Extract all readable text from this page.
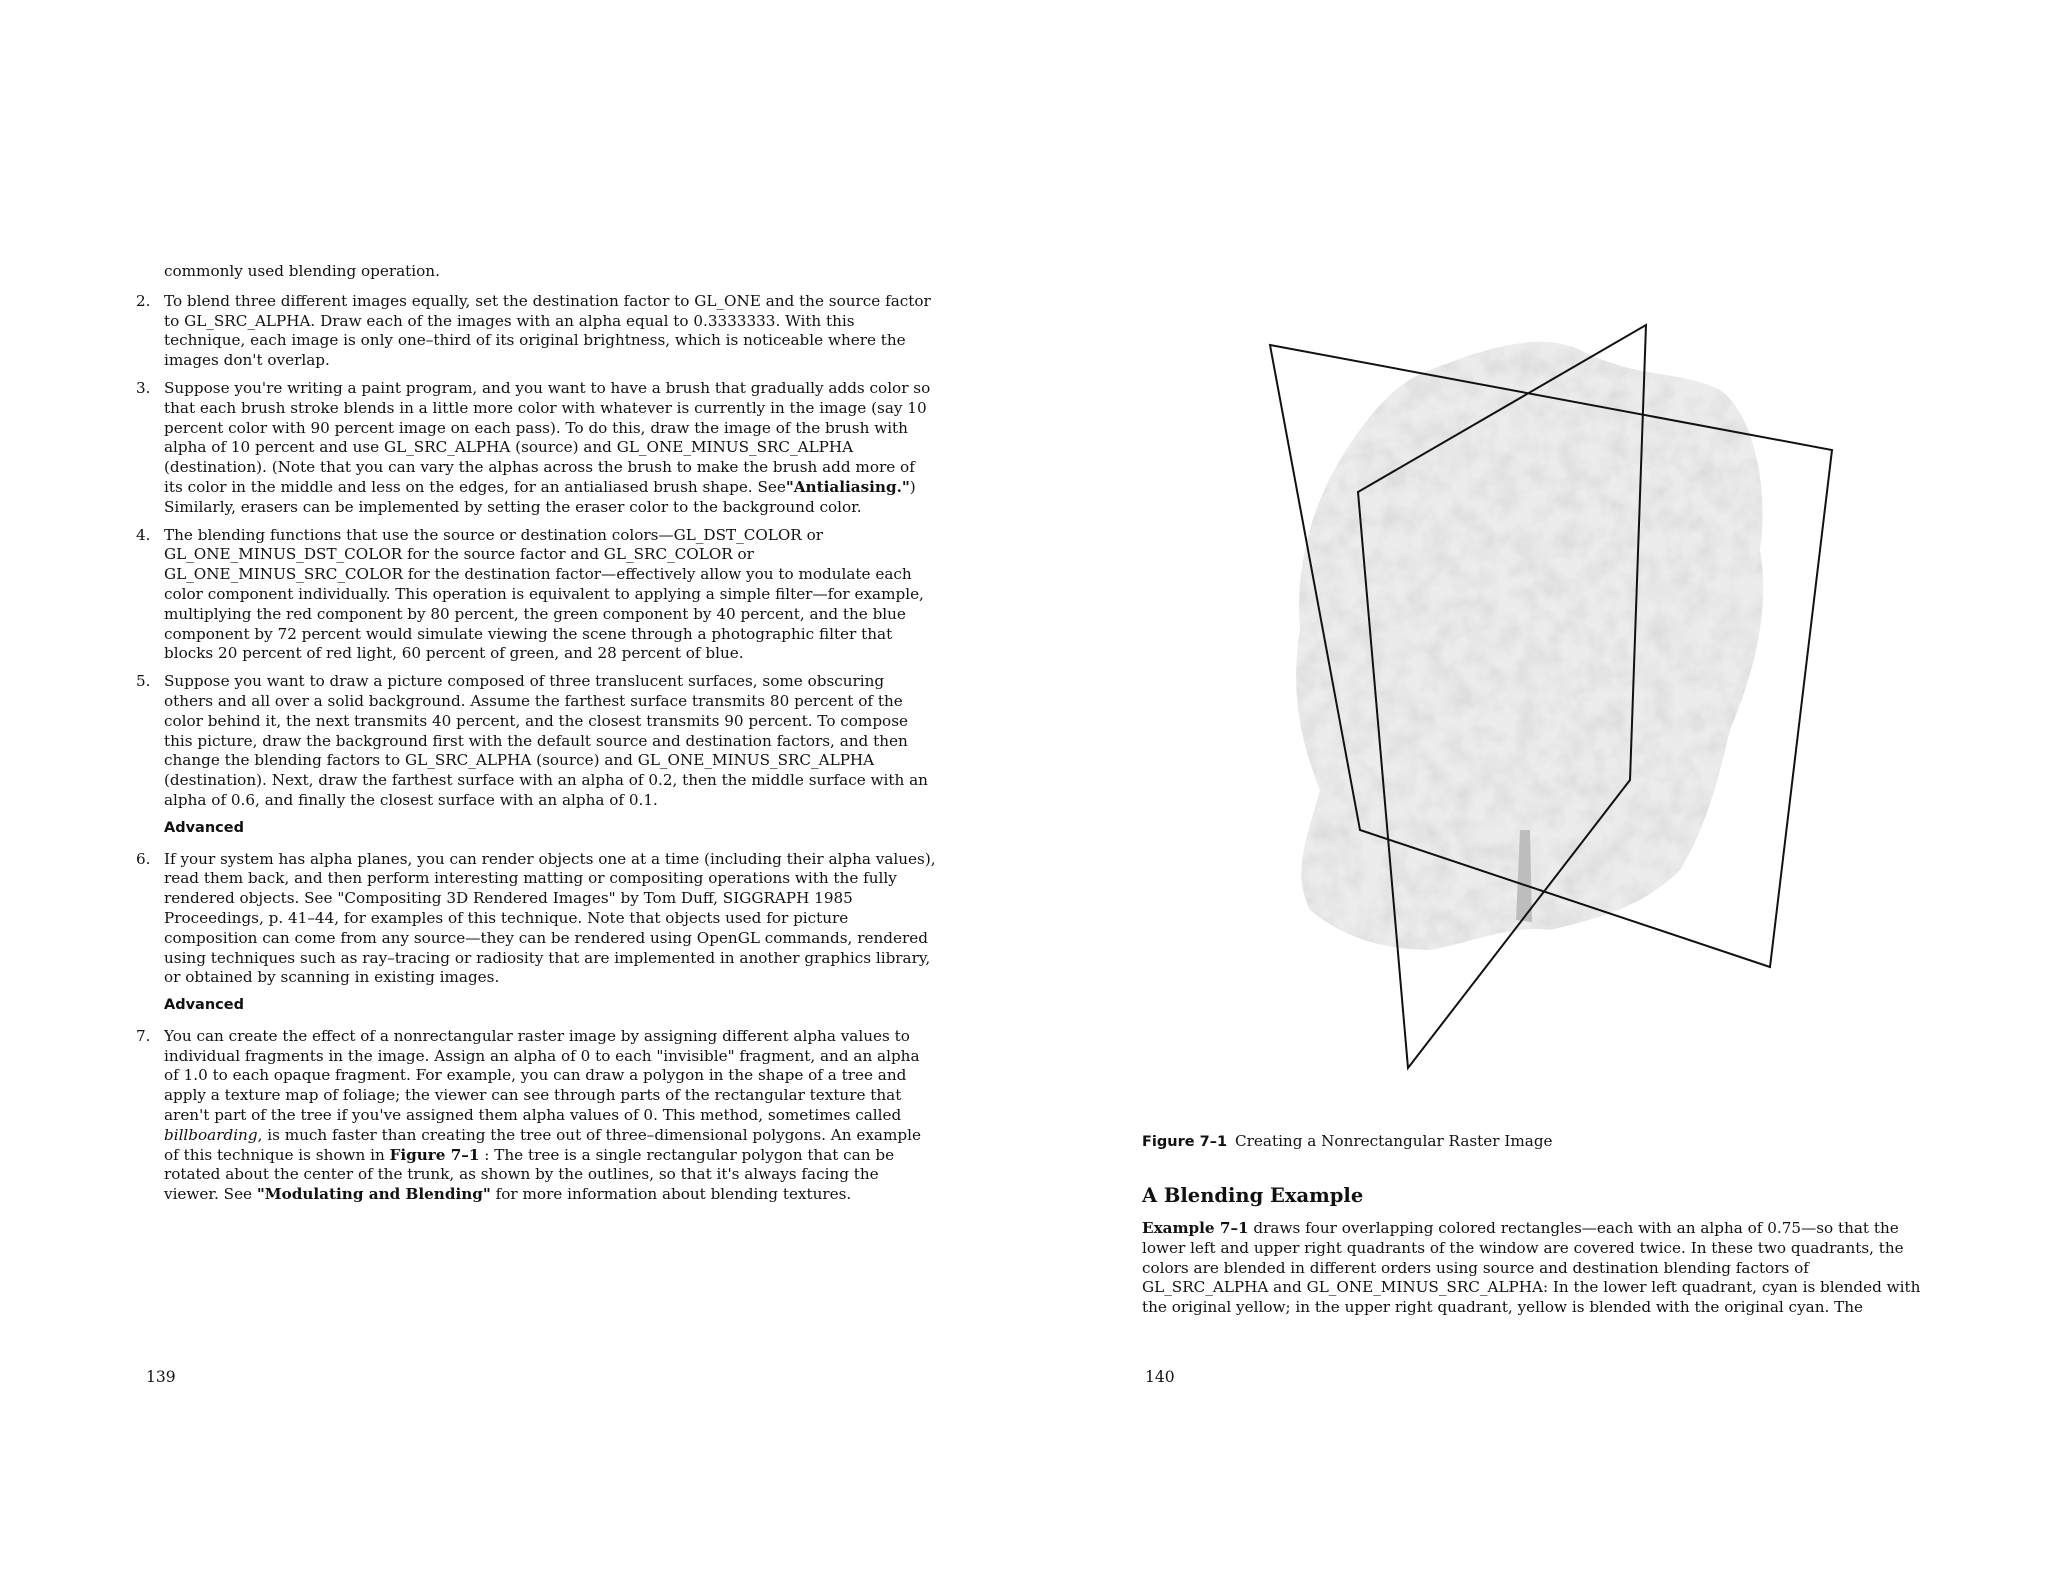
commonly used blending operation.

2. To blend three different images equally, set the destination factor to GL_ONE and the source factor to GL_SRC_ALPHA. Draw each of the images with an alpha equal to 0.3333333. With this technique, each image is only one–third of its original brightness, which is noticeable where the images don't overlap.
3. Suppose you're writing a paint program, and you want to have a brush that gradually adds color so that each brush stroke blends in a little more color with whatever is currently in the image (say 10 percent color with 90 percent image on each pass). To do this, draw the image of the brush with alpha of 10 percent and use GL_SRC_ALPHA (source) and GL_ONE_MINUS_SRC_ALPHA (destination). (Note that you can vary the alphas across the brush to make the brush add more of its color in the middle and less on the edges, for an antialiased brush shape. See"Antialiasing.") Similarly, erasers can be implemented by setting the eraser color to the background color.
4. The blending functions that use the source or destination colors—GL_DST_COLOR or GL_ONE_MINUS_DST_COLOR for the source factor and GL_SRC_COLOR or GL_ONE_MINUS_SRC_COLOR for the destination factor—effectively allow you to modulate each color component individually. This operation is equivalent to applying a simple filter—for example, multiplying the red component by 80 percent, the green component by 40 percent, and the blue component by 72 percent would simulate viewing the scene through a photographic filter that blocks 20 percent of red light, 60 percent of green, and 28 percent of blue.
5. Suppose you want to draw a picture composed of three translucent surfaces, some obscuring others and all over a solid background. Assume the farthest surface transmits 80 percent of the color behind it, the next transmits 40 percent, and the closest transmits 90 percent. To compose this picture, draw the background first with the default source and destination factors, and then change the blending factors to GL_SRC_ALPHA (source) and GL_ONE_MINUS_SRC_ALPHA (destination). Next, draw the farthest surface with an alpha of 0.2, then the middle surface with an alpha of 0.6, and finally the closest surface with an alpha of 0.1.
Advanced
6. If your system has alpha planes, you can render objects one at a time (including their alpha values), read them back, and then perform interesting matting or compositing operations with the fully rendered objects. See "Compositing 3D Rendered Images" by Tom Duff, SIGGRAPH 1985 Proceedings, p. 41–44, for examples of this technique. Note that objects used for picture composition can come from any source—they can be rendered using OpenGL commands, rendered using techniques such as ray–tracing or radiosity that are implemented in another graphics library, or obtained by scanning in existing images.
Advanced
7. You can create the effect of a nonrectangular raster image by assigning different alpha values to individual fragments in the image. Assign an alpha of 0 to each "invisible" fragment, and an alpha of 1.0 to each opaque fragment. For example, you can draw a polygon in the shape of a tree and apply a texture map of foliage; the viewer can see through parts of the rectangular texture that aren't part of the tree if you've assigned them alpha values of 0. This method, sometimes called billboarding, is much faster than creating the tree out of three–dimensional polygons. An example of this technique is shown in Figure 7–1 : The tree is a single rectangular polygon that can be rotated about the center of the trunk, as shown by the outlines, so that it's always facing the viewer. See "Modulating and Blending" for more information about blending textures.
139
Figure 7–1 Creating a Nonrectangular Raster Image
A Blending Example

Example 7–1 draws four overlapping colored rectangles—each with an alpha of 0.75—so that the lower left and upper right quadrants of the window are covered twice. In these two quadrants, the colors are blended in different orders using source and destination blending factors of GL_SRC_ALPHA and GL_ONE_MINUS_SRC_ALPHA: In the lower left quadrant, cyan is blended with the original yellow; in the upper right quadrant, yellow is blended with the original cyan. The

140
